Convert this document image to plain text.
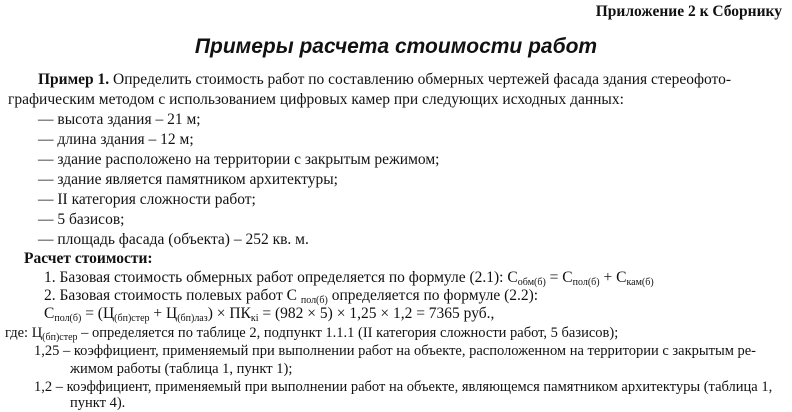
Приложение 2 к Сборнику
Примеры расчета стоимости работ
Пример 1. Определить стоимость работ по составлению обмерных чертежей фасада здания стереофото-
графическим методом с использованием цифровых камер при следующих исходных данных:
— высота здания – 21 м;
— длина здания – 12 м;
— здание расположено на территории с закрытым режимом;
— здание является памятником архитектуры;
— II категория сложности работ;
— 5 базисов;
— площадь фасада (объекта) – 252 кв. м.
Расчет стоимости:
1. Базовая стоимость обмерных работ определяется по формуле (2.1): $С_{обм(б)} = С_{пол(б)} + С_{кам(б)}$
2. Базовая стоимость полевых работ С $_{пол(б)}$ определяется по формуле (2.2):
$С_{пол(б)} = (Ц_{(бп)стер} + Ц_{(бп)лаз}) \times ПК_{кі} = (982 \times 5) \times 1,25 \times 1,2 = 7365$ руб.,
где: $Ц_{(бп)стер}$ – определяется по таблице 2, подпункт 1.1.1 (II категория сложности работ, 5 базисов);
1,25 – коэффициент, применяемый при выполнении работ на объекте, расположенном на территории с закрытым ре-
жимом работы (таблица 1, пункт 1);
1,2 – коэффициент, применяемый при выполнении работ на объекте, являющемся памятником архитектуры (таблица 1,
пункт 4).
